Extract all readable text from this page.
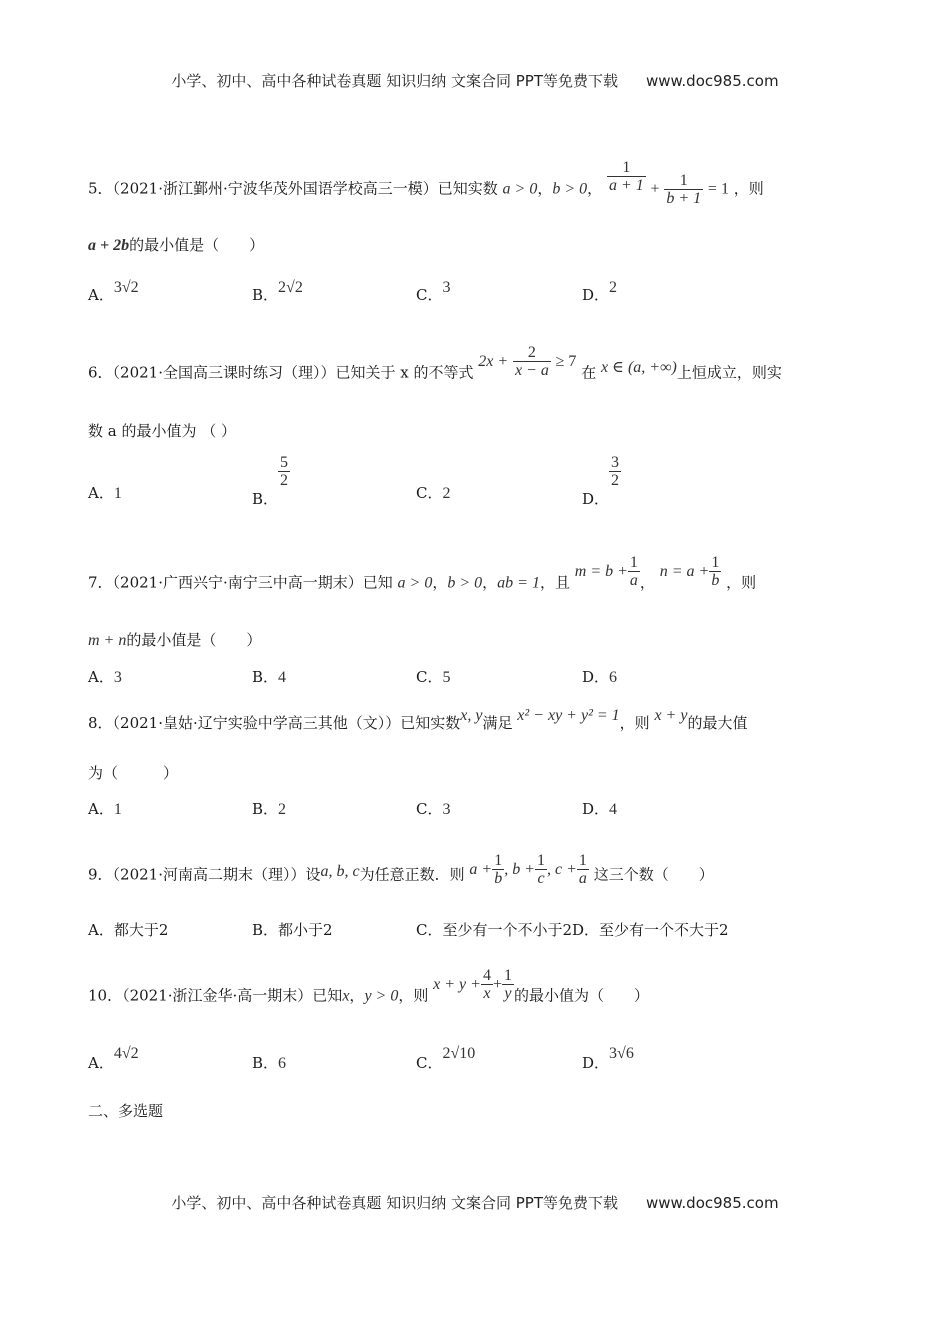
小学、初中、高中各种试卷真题 知识归纳 文案合同 PPT等免费下载 www.doc985.com
5．（2021·浙江鄞州·宁波华茂外国语学校高三一模）已知实数 a > 0，b > 0， $\frac{1}{a + 1} + \frac{1}{b + 1} = 1$ ，则
a + 2b的最小值是（　　）
A．3√2	B．2√2	C．3	D．2
6．（2021·全国高三课时练习（理））已知关于 x 的不等式 $2x + \frac{2}{x - a} \ge 7$ 在 x ∈ (a, +∞)上恒成立，则实
数 a 的最小值为 （ ）
A．1	B．
$\frac{5}{2}$
C．2	D．
$\frac{3}{2}$
7．（2021·广西兴宁·南宁三中高一期末）已知 a > 0，b > 0，ab = 1，且 $m = b + \frac{1}{a}$ ， $n = a + \frac{1}{b}$ ，则
m + n的最小值是（　　）
A．3	B．4	C．5	D．6
8．（2021·皇姑·辽宁实验中学高三其他（文））已知实数x, y满足 x² − xy + y² = 1，则 x + y的最大值
为（　　　）
A．1	B．2	C．3	D．4
9．（2021·河南高二期末（理））设a, b, c为任意正数．则 $a + \frac{1}{b}$ , $b + \frac{1}{c}$ , $c + \frac{1}{a}$ 这三个数（　　）
A．都大于2	B．都小于2	C．至少有一个不小于2D．至少有一个不大于2
10．（2021·浙江金华·高一期末）已知x，y > 0，则 $x + y + \frac{4}{x} + \frac{1}{y}$ 的最小值为（　　）
A．4√2
B．6	C．2√10
D．3√6
二、多选题
小学、初中、高中各种试卷真题 知识归纳 文案合同 PPT等免费下载 www.doc985.com
